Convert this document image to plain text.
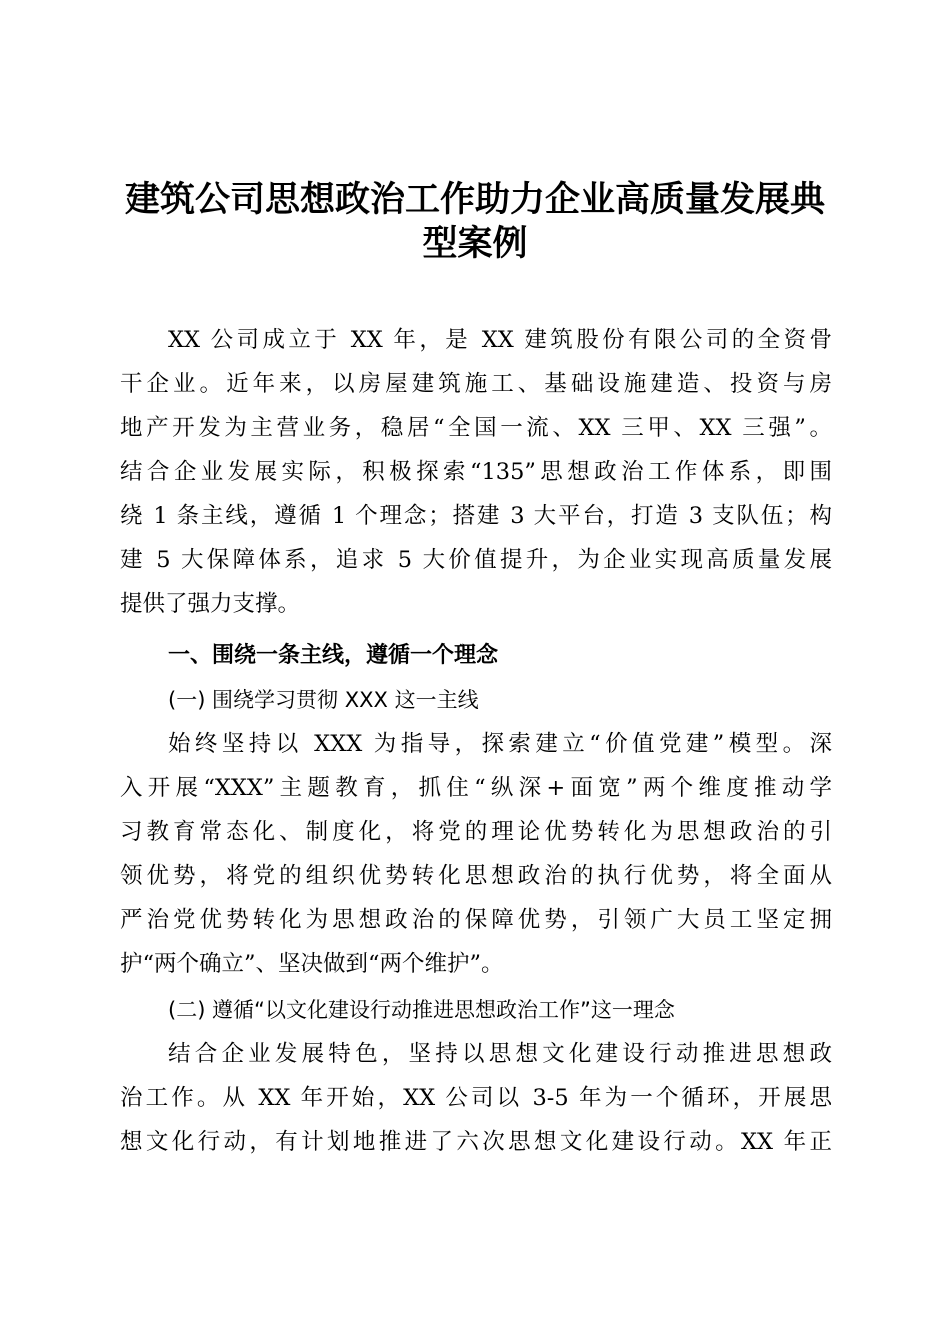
建筑公司思想政治工作助力企业高质量发展典
型案例
XX 公司成立于 XX 年，是 XX 建筑股份有限公司的全资骨
干企业。近年来，以房屋建筑施工、基础设施建造、投资与房
地产开发为主营业务，稳居“全国一流、XX 三甲、XX 三强”。
结合企业发展实际，积极探索“135”思想政治工作体系，即围
绕 1 条主线，遵循 1 个理念；搭建 3 大平台，打造 3 支队伍；构
建 5 大保障体系，追求 5 大价值提升，为企业实现高质量发展
提供了强力支撑。
一、围绕一条主线，遵循一个理念
(一) 围绕学习贯彻 XXX 这一主线
始终坚持以 XXX 为指导，探索建立“价值党建”模型。深
入开展“XXX”主题教育，抓住“纵深+面宽”两个维度推动学
习教育常态化、制度化，将党的理论优势转化为思想政治的引
领优势，将党的组织优势转化思想政治的执行优势，将全面从
严治党优势转化为思想政治的保障优势，引领广大员工坚定拥
护“两个确立”、坚决做到“两个维护”。
(二) 遵循“以文化建设行动推进思想政治工作”这一理念
结合企业发展特色，坚持以思想文化建设行动推进思想政
治工作。从 XX 年开始，XX 公司以 3-5 年为一个循环，开展思
想文化行动，有计划地推进了六次思想文化建设行动。XX 年正
